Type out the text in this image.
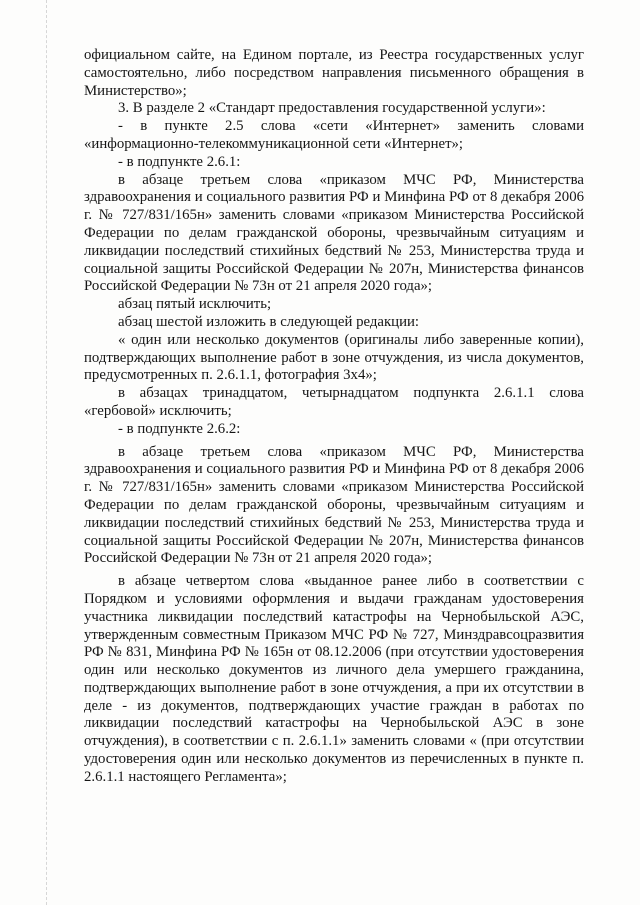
официальном сайте, на Едином портале, из Реестра государственных услуг самостоятельно, либо посредством направления письменного обращения в Министерство»;

3. В разделе 2 «Стандарт предоставления государственной услуги»:

- в пункте 2.5 слова «сети «Интернет» заменить словами «информационно-телекоммуникационной сети «Интернет»;

- в подпункте 2.6.1:

в абзаце третьем слова «приказом МЧС РФ, Министерства здравоохранения и социального развития РФ и Минфина РФ от 8 декабря 2006 г. № 727/831/165н» заменить словами «приказом Министерства Российской Федерации по делам гражданской обороны, чрезвычайным ситуациям и ликвидации последствий стихийных бедствий № 253, Министерства труда и социальной защиты Российской Федерации № 207н, Министерства финансов Российской Федерации № 73н от 21 апреля 2020 года»;

абзац пятый исключить;

абзац шестой изложить в следующей редакции:

« один или несколько документов (оригиналы либо заверенные копии), подтверждающих выполнение работ в зоне отчуждения, из числа документов, предусмотренных п. 2.6.1.1, фотография 3х4»;

в абзацах тринадцатом, четырнадцатом подпункта 2.6.1.1 слова «гербовой» исключить;

- в подпункте 2.6.2:

в абзаце третьем слова «приказом МЧС РФ, Министерства здравоохранения и социального развития РФ и Минфина РФ от 8 декабря 2006 г. № 727/831/165н» заменить словами «приказом Министерства Российской Федерации по делам гражданской обороны, чрезвычайным ситуациям и ликвидации последствий стихийных бедствий № 253, Министерства труда и социальной защиты Российской Федерации № 207н, Министерства финансов Российской Федерации № 73н от 21 апреля 2020 года»;

в абзаце четвертом слова «выданное ранее либо в соответствии с Порядком и условиями оформления и выдачи гражданам удостоверения участника ликвидации последствий катастрофы на Чернобыльской АЭС, утвержденным совместным Приказом МЧС РФ № 727, Минздравсоцразвития РФ № 831, Минфина РФ № 165н от 08.12.2006 (при отсутствии удостоверения один или несколько документов из личного дела умершего гражданина, подтверждающих выполнение работ в зоне отчуждения, а при их отсутствии в деле - из документов, подтверждающих участие граждан в работах по ликвидации последствий катастрофы на Чернобыльской АЭС в зоне отчуждения), в соответствии с п. 2.6.1.1» заменить словами « (при отсутствии удостоверения один или несколько документов из перечисленных в пункте п. 2.6.1.1 настоящего Регламента»;
